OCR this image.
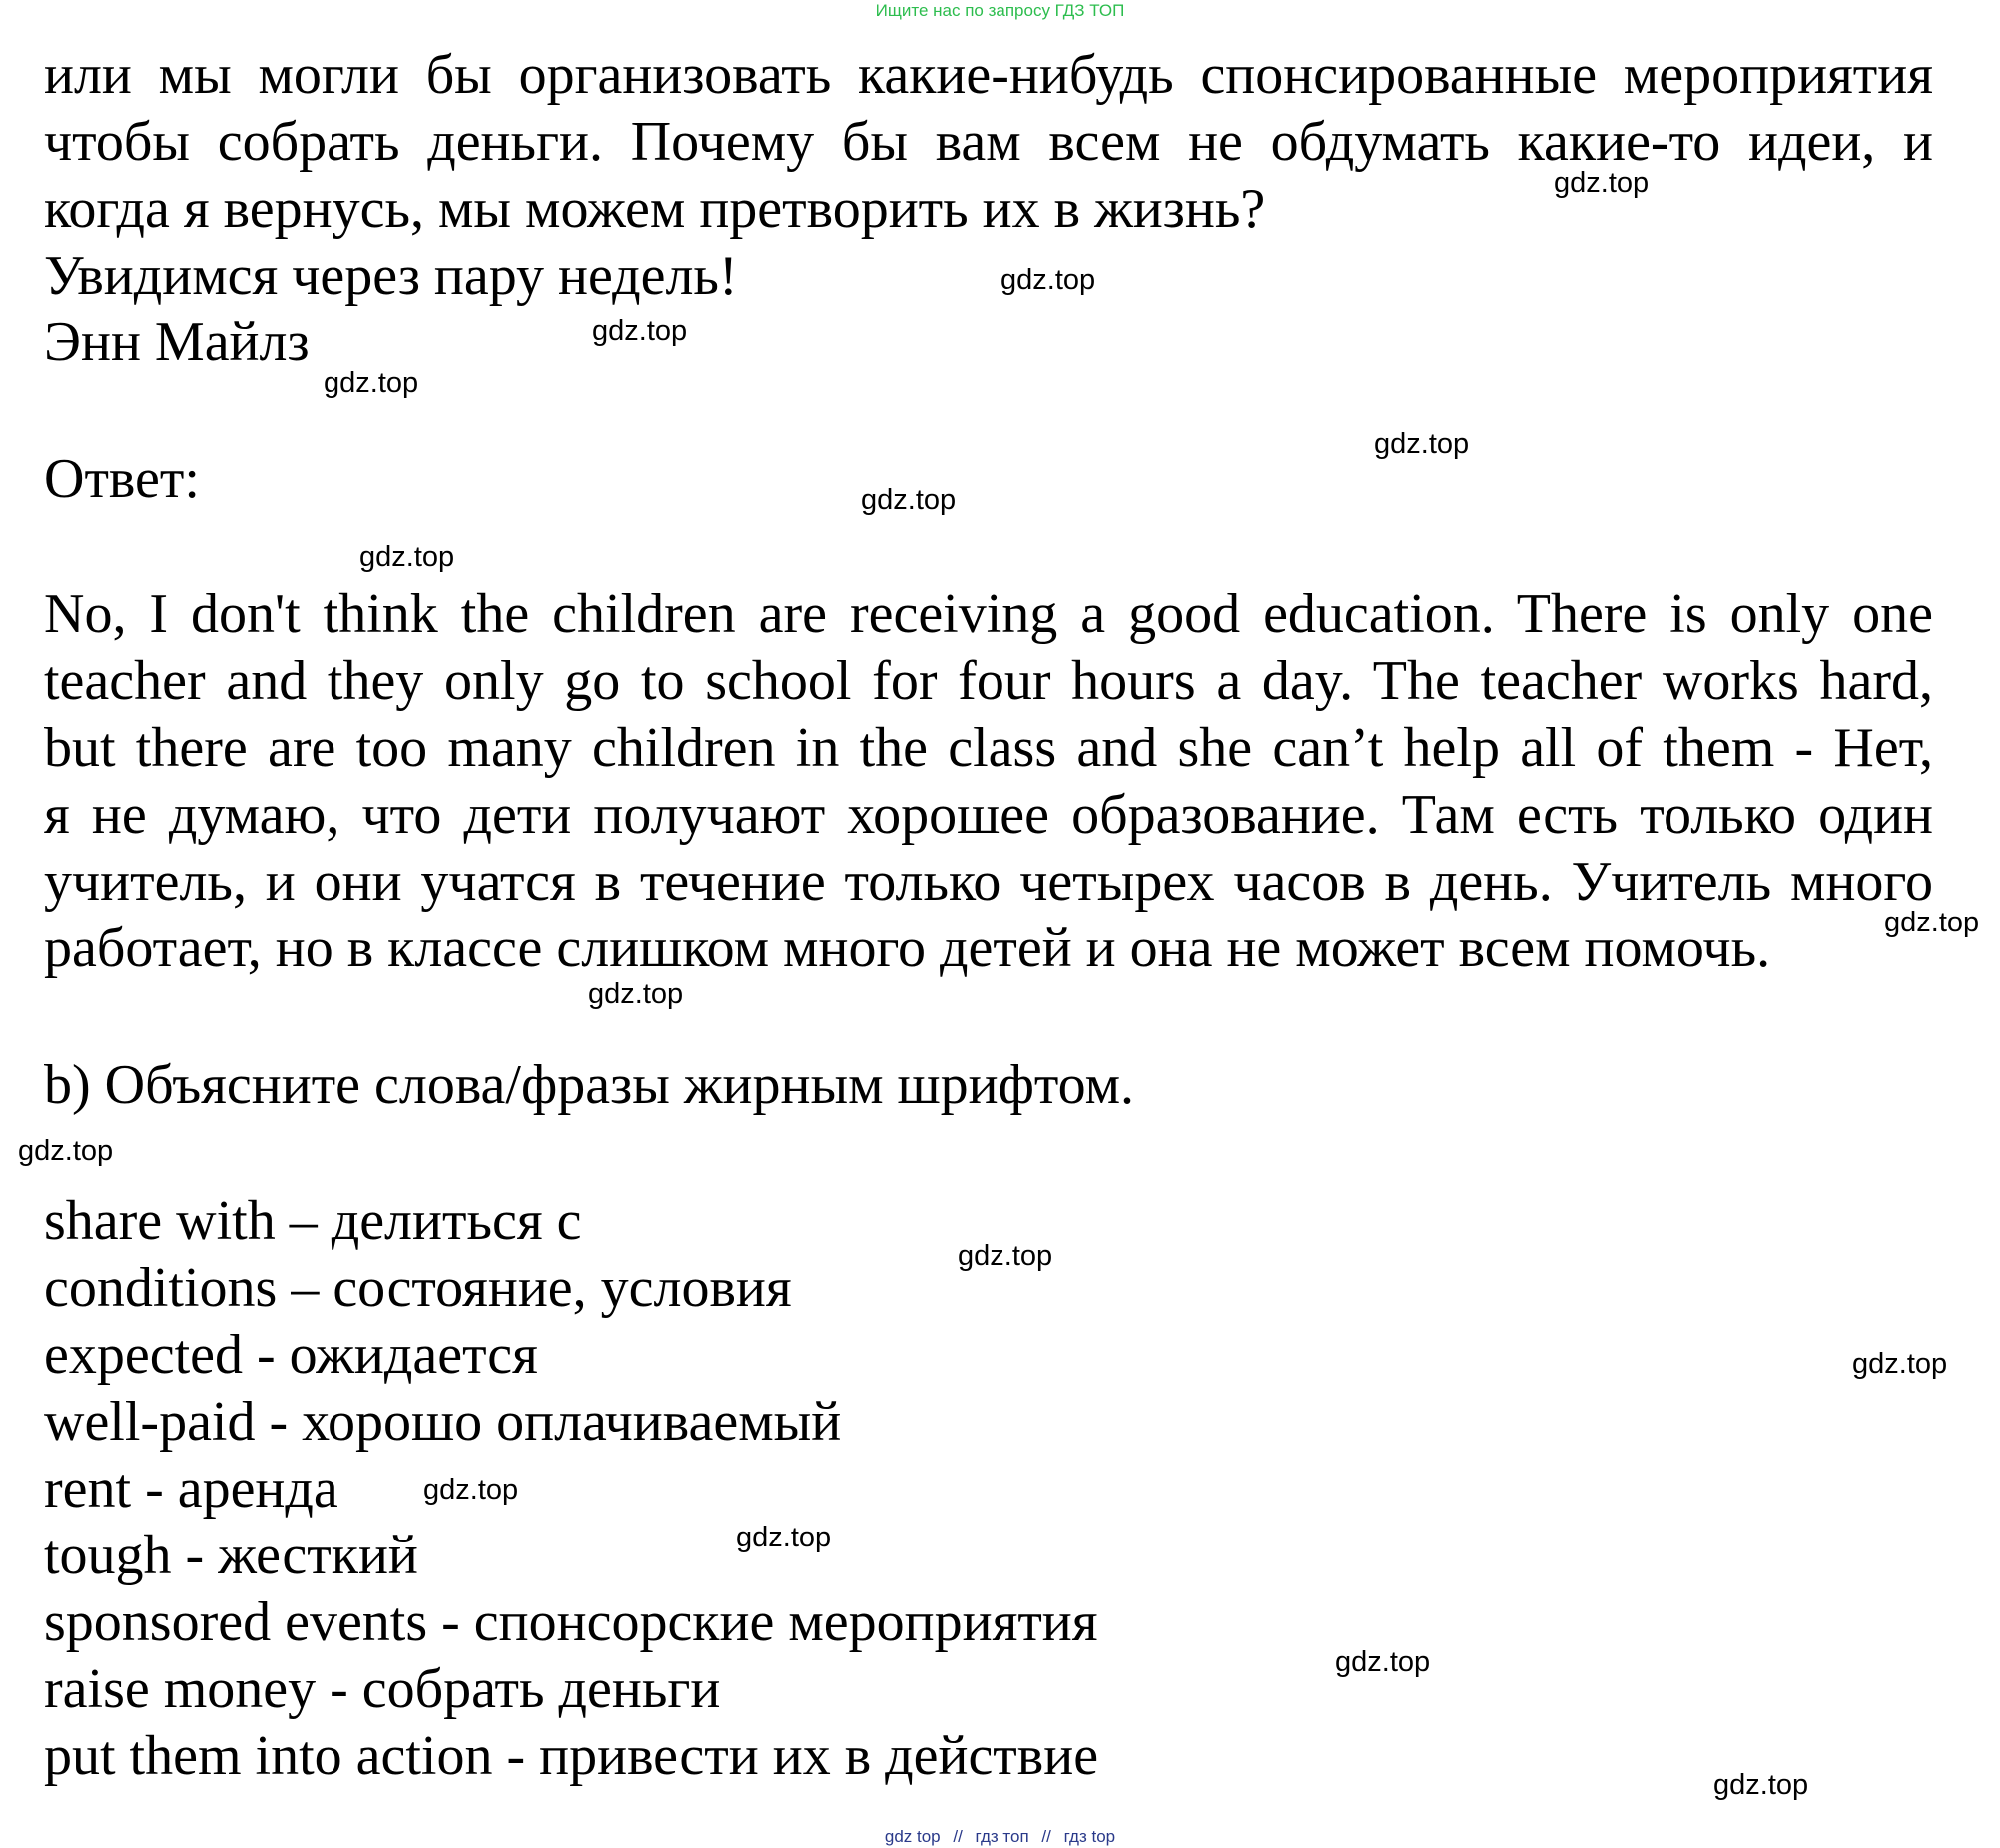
Ищите нас по запросу ГДЗ ТОП
или мы могли бы организовать какие-нибудь спонсированные мероприятия
чтобы собрать деньги. Почему бы вам всем не обдумать какие-то идеи, и
когда я вернусь, мы можем претворить их в жизнь?
Увидимся через пару недель!
Энн Майлз
Ответ:
No, I don't think the children are receiving a good education. There is only one
teacher and they only go to school for four hours a day. The teacher works hard,
but there are too many children in the class and she can’t help all of them - Нет,
я не думаю, что дети получают хорошее образование. Там есть только один
учитель, и они учатся в течение только четырех часов в день. Учитель много
работает, но в классе слишком много детей и она не может всем помочь.
b) Объясните слова/фразы жирным шрифтом.
share with – делиться с
conditions – состояние, условия
expected - ожидается
well-paid - хорошо оплачиваемый
rent - аренда
tough - жесткий
sponsored events - спонсорские мероприятия
raise money - собрать деньги
put them into action - привести их в действие
gdz.top
gdz.top
gdz.top
gdz.top
gdz.top
gdz.top
gdz.top
gdz.top
gdz.top
gdz.top
gdz.top
gdz.top
gdz.top
gdz.top
gdz.top
gdz.top
gdz top // гдз топ // гдз top
